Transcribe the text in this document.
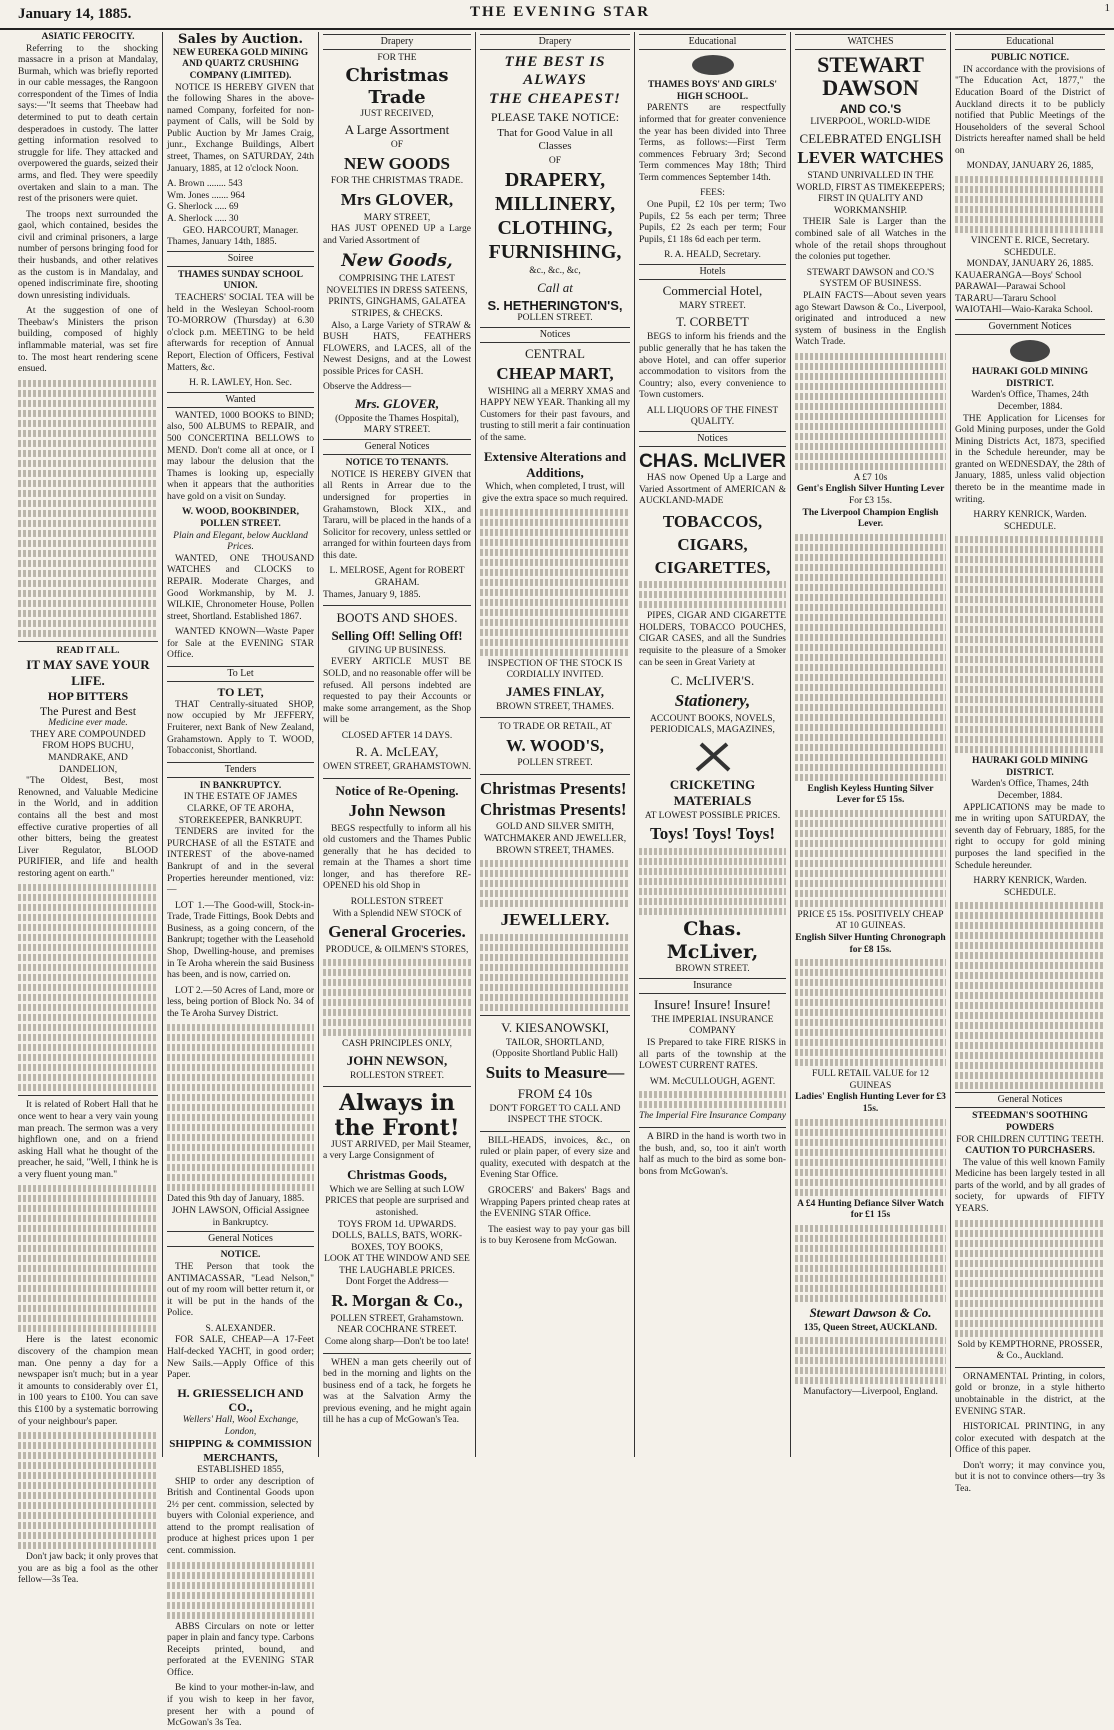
January 14, 1885.	THE EVENING STAR	1
ASIATIC FEROCITY.

Referring to the shocking massacre in a prison at Mandalay, Burmah, which was briefly reported in our cable messages, the Rangoon correspondent of the Times of India says:—"It seems that Theebaw had determined to put to death certain desperadoes in custody. The latter getting information resolved to struggle for life. They attacked and overpowered the guards, seized their arms, and fled. They were speedily overtaken and slain to a man. The rest of the prisoners were quiet.

The troops next surrounded the gaol, which contained, besides the civil and criminal prisoners, a large number of persons bringing food for their husbands, and other relatives as the custom is in Mandalay, and opened indiscriminate fire, shooting down unresisting individuals.

At the suggestion of one of Theebaw's Ministers the prison building, composed of highly inflammable material, was set fire to. The most heart rendering scene ensued.

READ IT ALL.
IT MAY SAVE YOUR LIFE.
HOP BITTERS
The Purest and Best
Medicine ever made.
THEY ARE COMPOUNDED FROM HOPS BUCHU, MANDRAKE, AND DANDELION,

"The Oldest, Best, most Renowned, and Valuable Medicine in the World, and in addition contains all the best and most effective curative properties of all other bitters, being the greatest Liver Regulator, BLOOD PURIFIER, and life and health restoring agent on earth."

It is related of Robert Hall that he once went to hear a very vain young man preach. The sermon was a very highflown one, and on a friend asking Hall what he thought of the preacher, he said, "Well, I think he is a very fluent young man."

Here is the latest economic discovery of the champion mean man. One penny a day for a newspaper isn't much; but in a year it amounts to considerably over £1, in 100 years to £100. You can save this £100 by a systematic borrowing of your neighbour's paper.

Don't jaw back; it only proves that you are as big a fool as the other fellow—3s Tea.

Sales by Auction.
NEW EUREKA GOLD MINING AND QUARTZ CRUSHING COMPANY (LIMITED).

NOTICE IS HEREBY GIVEN that the following Shares in the above-named Company, forfeited for non-payment of Calls, will be Sold by Public Auction by Mr James Craig, junr., Exchange Buildings, Albert street, Thames, on SATURDAY, 24th January, 1885, at 12 o'clock Noon.

A. Brown ........ 543
Wm. Jones ....... 964
G. Sherlock ..... 69
A. Sherlock ..... 30
GEO. HARCOURT, Manager.
Thames, January 14th, 1885.
Soiree
THAMES SUNDAY SCHOOL UNION.

TEACHERS' SOCIAL TEA will be held in the Wesleyan School-room TO-MORROW (Thursday) at 6.30 o'clock p.m. MEETING to be held afterwards for reception of Annual Report, Election of Officers, Festival Matters, &c.

H. R. LAWLEY, Hon. Sec.
Wanted

WANTED, 1000 BOOKS to BIND; also, 500 ALBUMS to REPAIR, and 500 CONCERTINA BELLOWS to MEND. Don't come all at once, or I may labour the delusion that the Thames is looking up, especially when it appears that the authorities have gold on a visit on Sunday.

W. WOOD, BOOKBINDER, POLLEN STREET.
Plain and Elegant, below Auckland Prices.

WANTED, ONE THOUSAND WATCHES and CLOCKS to REPAIR. Moderate Charges, and Good Workmanship, by M. J. WILKIE, Chronometer House, Pollen street, Shortland. Established 1867.

WANTED KNOWN—Waste Paper for Sale at the EVENING STAR Office.

To Let
TO LET,

THAT Centrally-situated SHOP, now occupied by Mr JEFFERY, Fruiterer, next Bank of New Zealand, Grahamstown. Apply to T. WOOD, Tobacconist, Shortland.

Tenders
IN BANKRUPTCY.
IN THE ESTATE OF JAMES CLARKE, OF TE AROHA, STOREKEEPER, BANKRUPT.

TENDERS are invited for the PURCHASE of all the ESTATE and INTEREST of the above-named Bankrupt of and in the several Properties hereunder mentioned, viz:—

LOT 1.—The Good-will, Stock-in-Trade, Trade Fittings, Book Debts and Business, as a going concern, of the Bankrupt; together with the Leasehold Shop, Dwelling-house, and premises in Te Aroha wherein the said Business has been, and is now, carried on.

LOT 2.—50 Acres of Land, more or less, being portion of Block No. 34 of the Te Aroha Survey District.

Dated this 9th day of January, 1885.
JOHN LAWSON, Official Assignee in Bankruptcy.
General Notices
NOTICE.

THE Person that took the ANTIMACASSAR, "Lead Nelson," out of my room will better return it, or it will be put in the hands of the Police.

S. ALEXANDER.

FOR SALE, CHEAP—A 17-Feet Half-decked YACHT, in good order; New Sails.—Apply Office of this Paper.

H. GRIESSELICH AND CO.,
Wellers' Hall, Wool Exchange, London,
SHIPPING & COMMISSION MERCHANTS,
ESTABLISHED 1855,

SHIP to order any description of British and Continental Goods upon 2½ per cent. commission, selected by buyers with Colonial experience, and attend to the prompt realisation of produce at highest prices upon 1 per cent. commission.

ABBS Circulars on note or letter paper in plain and fancy type. Carbons Receipts printed, bound, and perforated at the EVENING STAR Office.

Be kind to your mother-in-law, and if you wish to keep in her favor, present her with a pound of McGowan's 3s Tea.

Drapery
FOR THE
Christmas Trade
JUST RECEIVED,
A Large Assortment
OF
NEW GOODS
FOR THE CHRISTMAS TRADE.
Mrs GLOVER,
MARY STREET,

HAS JUST OPENED UP a Large and Varied Assortment of

New Goods,
COMPRISING THE LATEST NOVELTIES IN DRESS SATEENS, PRINTS, GINGHAMS, GALATEA STRIPES, & CHECKS.

Also, a Large Variety of STRAW & BUSH HATS, FEATHERS FLOWERS, and LACES, all of the Newest Designs, and at the Lowest possible Prices for CASH.

Observe the Address—
Mrs. GLOVER,
(Opposite the Thames Hospital), MARY STREET.
General Notices
NOTICE TO TENANTS.

NOTICE IS HEREBY GIVEN that all Rents in Arrear due to the undersigned for properties in Grahamstown, Block XIX., and Tararu, will be placed in the hands of a Solicitor for recovery, unless settled or arranged for within fourteen days from this date.

L. MELROSE, Agent for ROBERT GRAHAM.
Thames, January 9, 1885.
BOOTS AND SHOES.
Selling Off! Selling Off!
GIVING UP BUSINESS.

EVERY ARTICLE MUST BE SOLD, and no reasonable offer will be refused. All persons indebted are requested to pay their Accounts or make some arrangement, as the Shop will be

CLOSED AFTER 14 DAYS.
R. A. McLEAY,
OWEN STREET, GRAHAMSTOWN.
Notice of Re-Opening.
John Newson

BEGS respectfully to inform all his old customers and the Thames Public generally that he has decided to remain at the Thames a short time longer, and has therefore RE-OPENED his old Shop in

ROLLESTON STREET
With a Splendid NEW STOCK of
General Groceries.
PRODUCE, & OILMEN'S STORES,
CASH PRINCIPLES ONLY,
JOHN NEWSON,
ROLLESTON STREET.
Always in the Front!

JUST ARRIVED, per Mail Steamer, a very Large Consignment of

Christmas Goods,
Which we are Selling at such LOW PRICES that people are surprised and astonished.
TOYS FROM 1d. UPWARDS.
DOLLS, BALLS, BATS, WORK-BOXES, TOY BOOKS,
LOOK AT THE WINDOW AND SEE THE LAUGHABLE PRICES.
Dont Forget the Address—
R. Morgan & Co.,
POLLEN STREET, Grahamstown.
NEAR COCHRANE STREET.
Come along sharp—Don't be too late!

WHEN a man gets cheerily out of bed in the morning and lights on the business end of a tack, he forgets he was at the Salvation Army the previous evening, and he might again till he has a cup of McGowan's Tea.

Drapery
THE BEST IS ALWAYS
THE CHEAPEST!
PLEASE TAKE NOTICE:
That for Good Value in all Classes
OF
DRAPERY,
MILLINERY,
CLOTHING,
FURNISHING,
&c., &c., &c,
Call at
S. HETHERINGTON'S,
POLLEN STREET.
Notices
CENTRAL
CHEAP MART,

WISHING all a MERRY XMAS and HAPPY NEW YEAR. Thanking all my Customers for their past favours, and trusting to still merit a fair continuation of the same.

Extensive Alterations and Additions,
Which, when completed, I trust, will give the extra space so much required.
INSPECTION OF THE STOCK IS CORDIALLY INVITED.
JAMES FINLAY,
BROWN STREET, THAMES.
TO TRADE OR RETAIL, AT
W. WOOD'S,
POLLEN STREET.
Christmas Presents! Christmas Presents!
GOLD AND SILVER SMITH, WATCHMAKER AND JEWELLER, BROWN STREET, THAMES.
JEWELLERY.
V. KIESANOWSKI,
TAILOR, SHORTLAND,
(Opposite Shortland Public Hall)
Suits to Measure—
FROM £4 10s
DON'T FORGET TO CALL AND INSPECT THE STOCK.

BILL-HEADS, invoices, &c., on ruled or plain paper, of every size and quality, executed with despatch at the Evening Star Office.

GROCERS' and Bakers' Bags and Wrapping Papers printed cheap rates at the EVENING STAR Office.

The easiest way to pay your gas bill is to buy Kerosene from McGowan.

Educational
THAMES BOYS' AND GIRLS' HIGH SCHOOL.

PARENTS are respectfully informed that for greater convenience the year has been divided into Three Terms, as follows:—First Term commences February 3rd; Second Term commences May 18th; Third Term commences September 14th.

FEES:

One Pupil, £2 10s per term; Two Pupils, £2 5s each per term; Three Pupils, £2 2s each per term; Four Pupils, £1 18s 6d each per term.

R. A. HEALD, Secretary.
Hotels
Commercial Hotel,
MARY STREET.
T. CORBETT

BEGS to inform his friends and the public generally that he has taken the above Hotel, and can offer superior accommodation to visitors from the Country; also, every convenience to Town customers.

ALL LIQUORS OF THE FINEST QUALITY.
Notices
CHAS. McLIVER

HAS now Opened Up a Large and Varied Assortment of AMERICAN & AUCKLAND-MADE

TOBACCOS,
CIGARS,
CIGARETTES,

PIPES, CIGAR AND CIGARETTE HOLDERS, TOBACCO POUCHES, CIGAR CASES, and all the Sundries requisite to the pleasure of a Smoker can be seen in Great Variety at

C. McLIVER'S.
Stationery,
ACCOUNT BOOKS, NOVELS, PERIODICALS, MAGAZINES,
CRICKETING MATERIALS
AT LOWEST POSSIBLE PRICES.
Toys! Toys! Toys!
Chas. McLiver,
BROWN STREET.
Insurance
Insure! Insure! Insure!
THE IMPERIAL INSURANCE COMPANY

IS Prepared to take FIRE RISKS in all parts of the township at the LOWEST CURRENT RATES.

WM. McCULLOUGH, AGENT.
The Imperial Fire Insurance Company

A BIRD in the hand is worth two in the bush, and, so, too it ain't worth half as much to the bird as some bon-bons from McGowan's.

WATCHES
STEWART DAWSON
AND CO.'S
LIVERPOOL, WORLD-WIDE
CELEBRATED ENGLISH
LEVER WATCHES
STAND UNRIVALLED IN THE WORLD, FIRST AS TIMEKEEPERS; FIRST IN QUALITY AND WORKMANSHIP.

THEIR Sale is Larger than the combined sale of all Watches in the whole of the retail shops throughout the colonies put together.

STEWART DAWSON and CO.'S SYSTEM OF BUSINESS.

PLAIN FACTS—About seven years ago Stewart Dawson & Co., Liverpool, originated and introduced a new system of business in the English Watch Trade.

A £7 10s
Gent's English Silver Hunting Lever
For £3 15s.
The Liverpool Champion English Lever.
English Keyless Hunting Silver Lever for £5 15s.
PRICE £5 15s. POSITIVELY CHEAP AT 10 GUINEAS.
English Silver Hunting Chronograph for £8 15s.
FULL RETAIL VALUE for 12 GUINEAS
Ladies' English Hunting Lever for £3 15s.
A £4 Hunting Defiance Silver Watch for £1 15s
Stewart Dawson & Co.
135, Queen Street, AUCKLAND.
Manufactory—Liverpool, England.
Educational
PUBLIC NOTICE.

IN accordance with the provisions of "The Education Act, 1877," the Education Board of the District of Auckland directs it to be publicly notified that Public Meetings of the Householders of the several School Districts hereafter named shall be held on

MONDAY, JANUARY 26, 1885,
VINCENT E. RICE, Secretary.
SCHEDULE.
MONDAY, JANUARY 26, 1885.
KAUAERANGA—Boys' School
PARAWAI—Parawai School
TARARU—Tararu School
WAIOTAHI—Waio-Karaka School.
Government Notices
HAURAKI GOLD MINING DISTRICT.
Warden's Office, Thames, 24th December, 1884.

THE Application for Licenses for Gold Mining purposes, under the Gold Mining Districts Act, 1873, specified in the Schedule hereunder, may be granted on WEDNESDAY, the 28th of January, 1885, unless valid objection thereto be in the meantime made in writing.

HARRY KENRICK, Warden.
SCHEDULE.
HAURAKI GOLD MINING DISTRICT.
Warden's Office, Thames, 24th December, 1884.

APPLICATIONS may be made to me in writing upon SATURDAY, the seventh day of February, 1885, for the right to occupy for gold mining purposes the land specified in the Schedule hereunder.

HARRY KENRICK, Warden.
SCHEDULE.
General Notices
STEEDMAN'S SOOTHING POWDERS
FOR CHILDREN CUTTING TEETH.
CAUTION TO PURCHASERS.

The value of this well known Family Medicine has been largely tested in all parts of the world, and by all grades of society, for upwards of FIFTY YEARS.

Sold by KEMPTHORNE, PROSSER, & Co., Auckland.

ORNAMENTAL Printing, in colors, gold or bronze, in a style hitherto unobtainable in the district, at the EVENING STAR.

HISTORICAL PRINTING, in any color executed with despatch at the Office of this paper.

Don't worry; it may convince you, but it is not to convince others—try 3s Tea.
